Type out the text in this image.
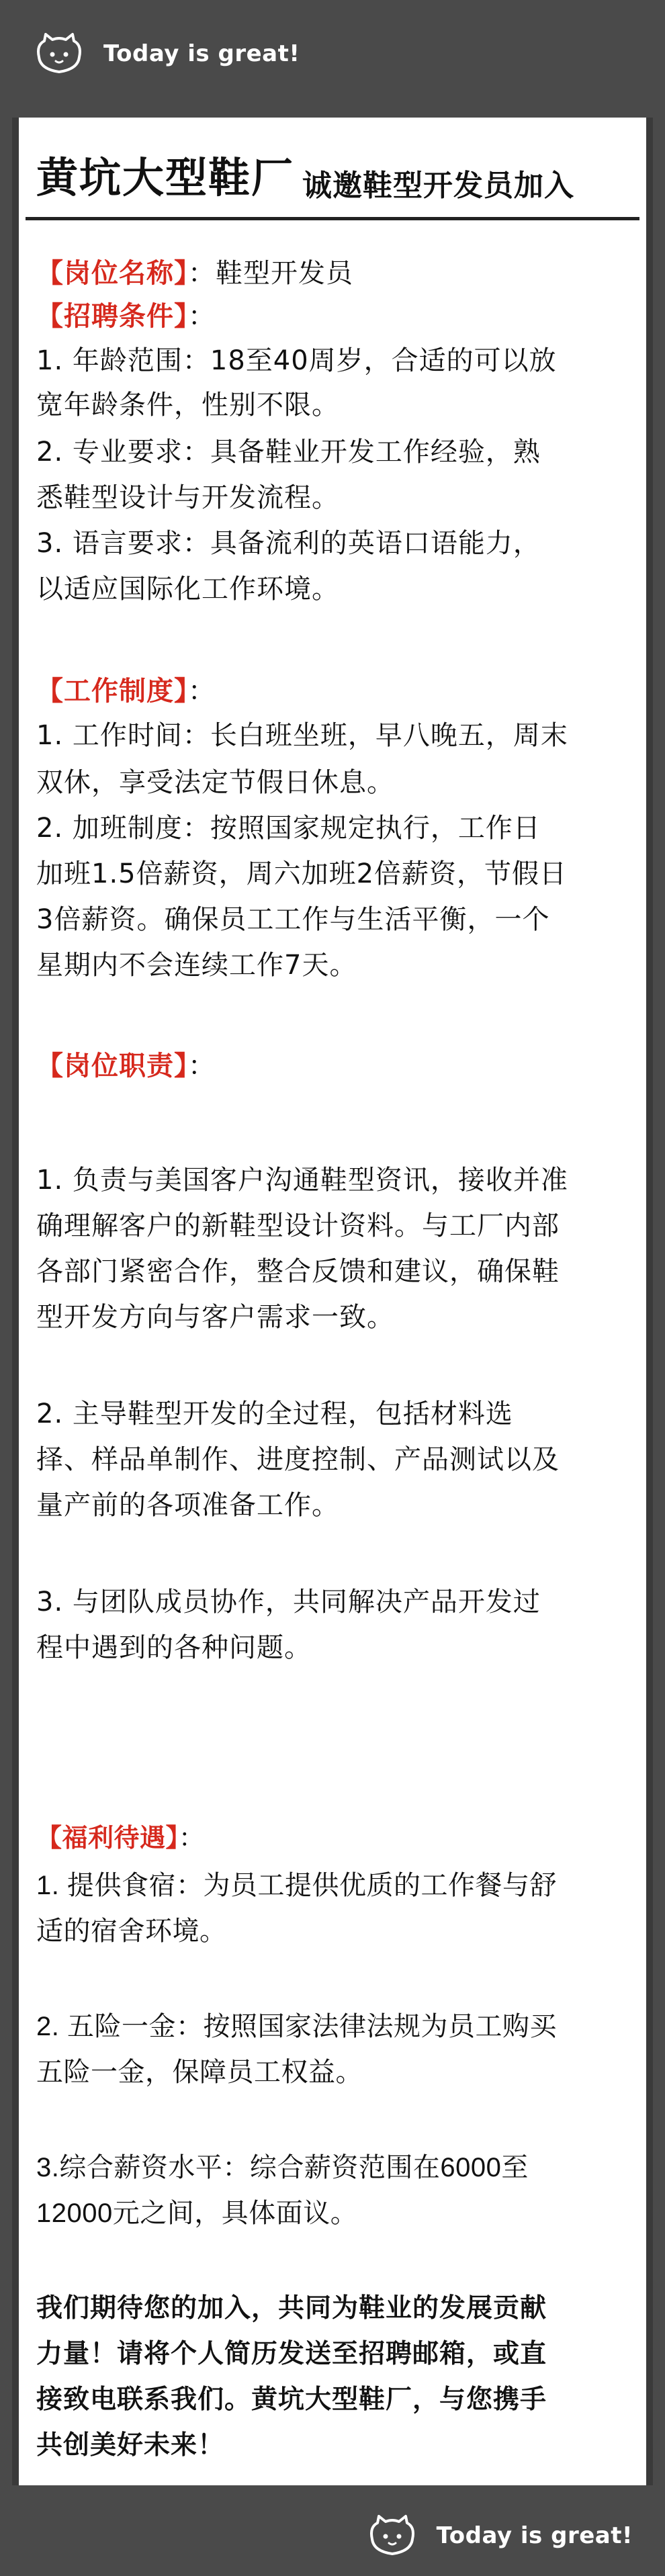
Today is great!
黄坑大型鞋厂 诚邀鞋型开发员加入
【岗位名称】：鞋型开发员
【招聘条件】：
1. 年龄范围：18至40周岁，合适的可以放
宽年龄条件，性别不限。
2. 专业要求：具备鞋业开发工作经验，熟
悉鞋型设计与开发流程。
3. 语言要求：具备流利的英语口语能力，
以适应国际化工作环境。
【工作制度】：
1. 工作时间：长白班坐班，早八晚五，周末
双休，享受法定节假日休息。
2. 加班制度：按照国家规定执行，工作日
加班1.5倍薪资，周六加班2倍薪资，节假日
3倍薪资。确保员工工作与生活平衡，一个
星期内不会连续工作7天。
【岗位职责】：
1. 负责与美国客户沟通鞋型资讯，接收并准
确理解客户的新鞋型设计资料。与工厂内部
各部门紧密合作，整合反馈和建议，确保鞋
型开发方向与客户需求一致。
2. 主导鞋型开发的全过程，包括材料选
择、样品单制作、进度控制、产品测试以及
量产前的各项准备工作。
3. 与团队成员协作，共同解决产品开发过
程中遇到的各种问题。
【福利待遇】：
1. 提供食宿：为员工提供优质的工作餐与舒
适的宿舍环境。
2. 五险一金：按照国家法律法规为员工购买
五险一金，保障员工权益。
3.综合薪资水平：综合薪资范围在6000至
12000元之间，具体面议。
我们期待您的加入，共同为鞋业的发展贡献
力量！请将个人简历发送至招聘邮箱，或直
接致电联系我们。黄坑大型鞋厂，与您携手
共创美好未来！
Today is great!
